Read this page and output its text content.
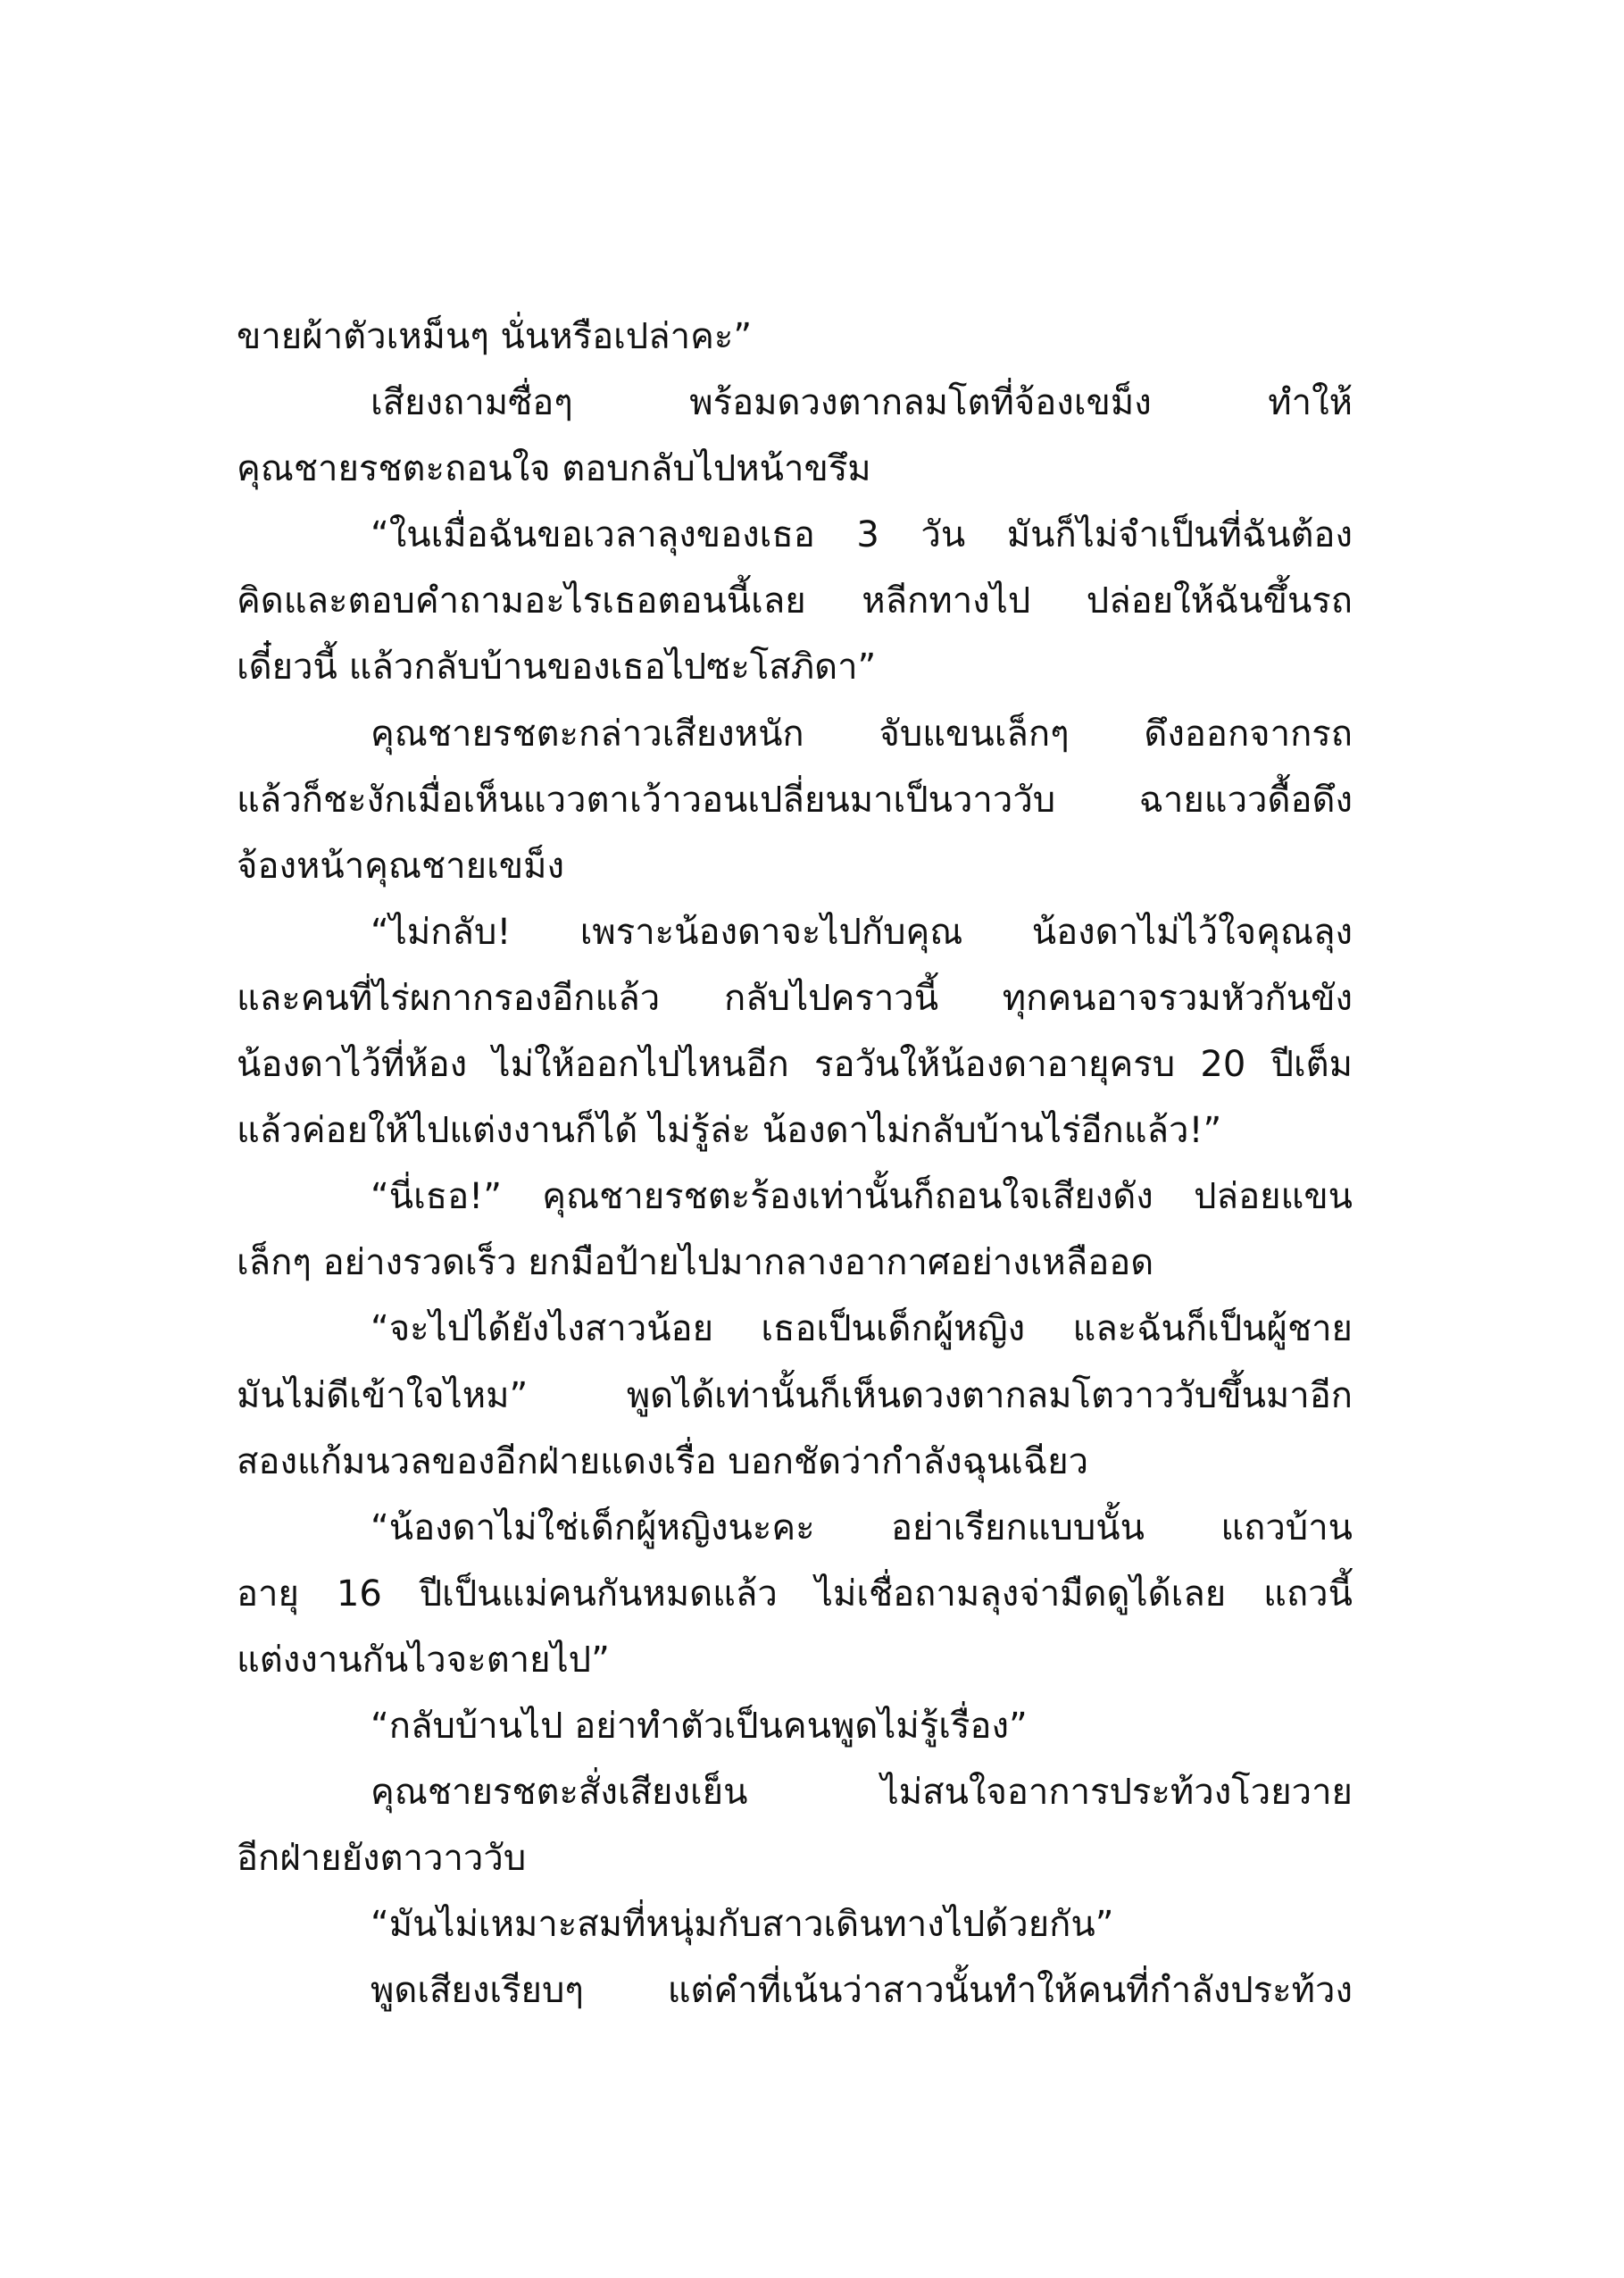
ขายผ้าตัวเหม็นๆ นั่นหรือเปล่าคะ”
เสียงถามซื่อๆ พร้อมดวงตากลมโตที่จ้องเขม็ง ทำให้
คุณชายรชตะถอนใจ ตอบกลับไปหน้าขรึม
“ในเมื่อฉันขอเวลาลุงของเธอ 3 วัน มันก็ไม่จำเป็นที่ฉันต้อง
คิดและตอบคำถามอะไรเธอตอนนี้เลย หลีกทางไป ปล่อยให้ฉันขึ้นรถ
เดี๋ยวนี้ แล้วกลับบ้านของเธอไปซะโสภิดา”
คุณชายรชตะกล่าวเสียงหนัก จับแขนเล็กๆ ดึงออกจากรถ
แล้วก็ชะงักเมื่อเห็นแววตาเว้าวอนเปลี่ยนมาเป็นวาววับ ฉายแววดื้อดึง
จ้องหน้าคุณชายเขม็ง
“ไม่กลับ! เพราะน้องดาจะไปกับคุณ น้องดาไม่ไว้ใจคุณลุง
และคนที่ไร่ผกากรองอีกแล้ว กลับไปคราวนี้ ทุกคนอาจรวมหัวกันขัง
น้องดาไว้ที่ห้อง ไม่ให้ออกไปไหนอีก รอวันให้น้องดาอายุครบ 20 ปีเต็ม
แล้วค่อยให้ไปแต่งงานก็ได้ ไม่รู้ล่ะ น้องดาไม่กลับบ้านไร่อีกแล้ว!”
“นี่เธอ!” คุณชายรชตะร้องเท่านั้นก็ถอนใจเสียงดัง ปล่อยแขน
เล็กๆ อย่างรวดเร็ว ยกมือป้ายไปมากลางอากาศอย่างเหลืออด
“จะไปได้ยังไงสาวน้อย เธอเป็นเด็กผู้หญิง และฉันก็เป็นผู้ชาย
มันไม่ดีเข้าใจไหม” พูดได้เท่านั้นก็เห็นดวงตากลมโตวาววับขึ้นมาอีก
สองแก้มนวลของอีกฝ่ายแดงเรื่อ บอกชัดว่ากำลังฉุนเฉียว
“น้องดาไม่ใช่เด็กผู้หญิงนะคะ อย่าเรียกแบบนั้น แถวบ้าน
อายุ 16 ปีเป็นแม่คนกันหมดแล้ว ไม่เชื่อถามลุงจ่ามืดดูได้เลย แถวนี้
แต่งงานกันไวจะตายไป”
“กลับบ้านไป อย่าทำตัวเป็นคนพูดไม่รู้เรื่อง”
คุณชายรชตะสั่งเสียงเย็น ไม่สนใจอาการประท้วงโวยวาย
อีกฝ่ายยังตาวาววับ
“มันไม่เหมาะสมที่หนุ่มกับสาวเดินทางไปด้วยกัน”
พูดเสียงเรียบๆ แต่คำที่เน้นว่าสาวนั้นทำให้คนที่กำลังประท้วง
